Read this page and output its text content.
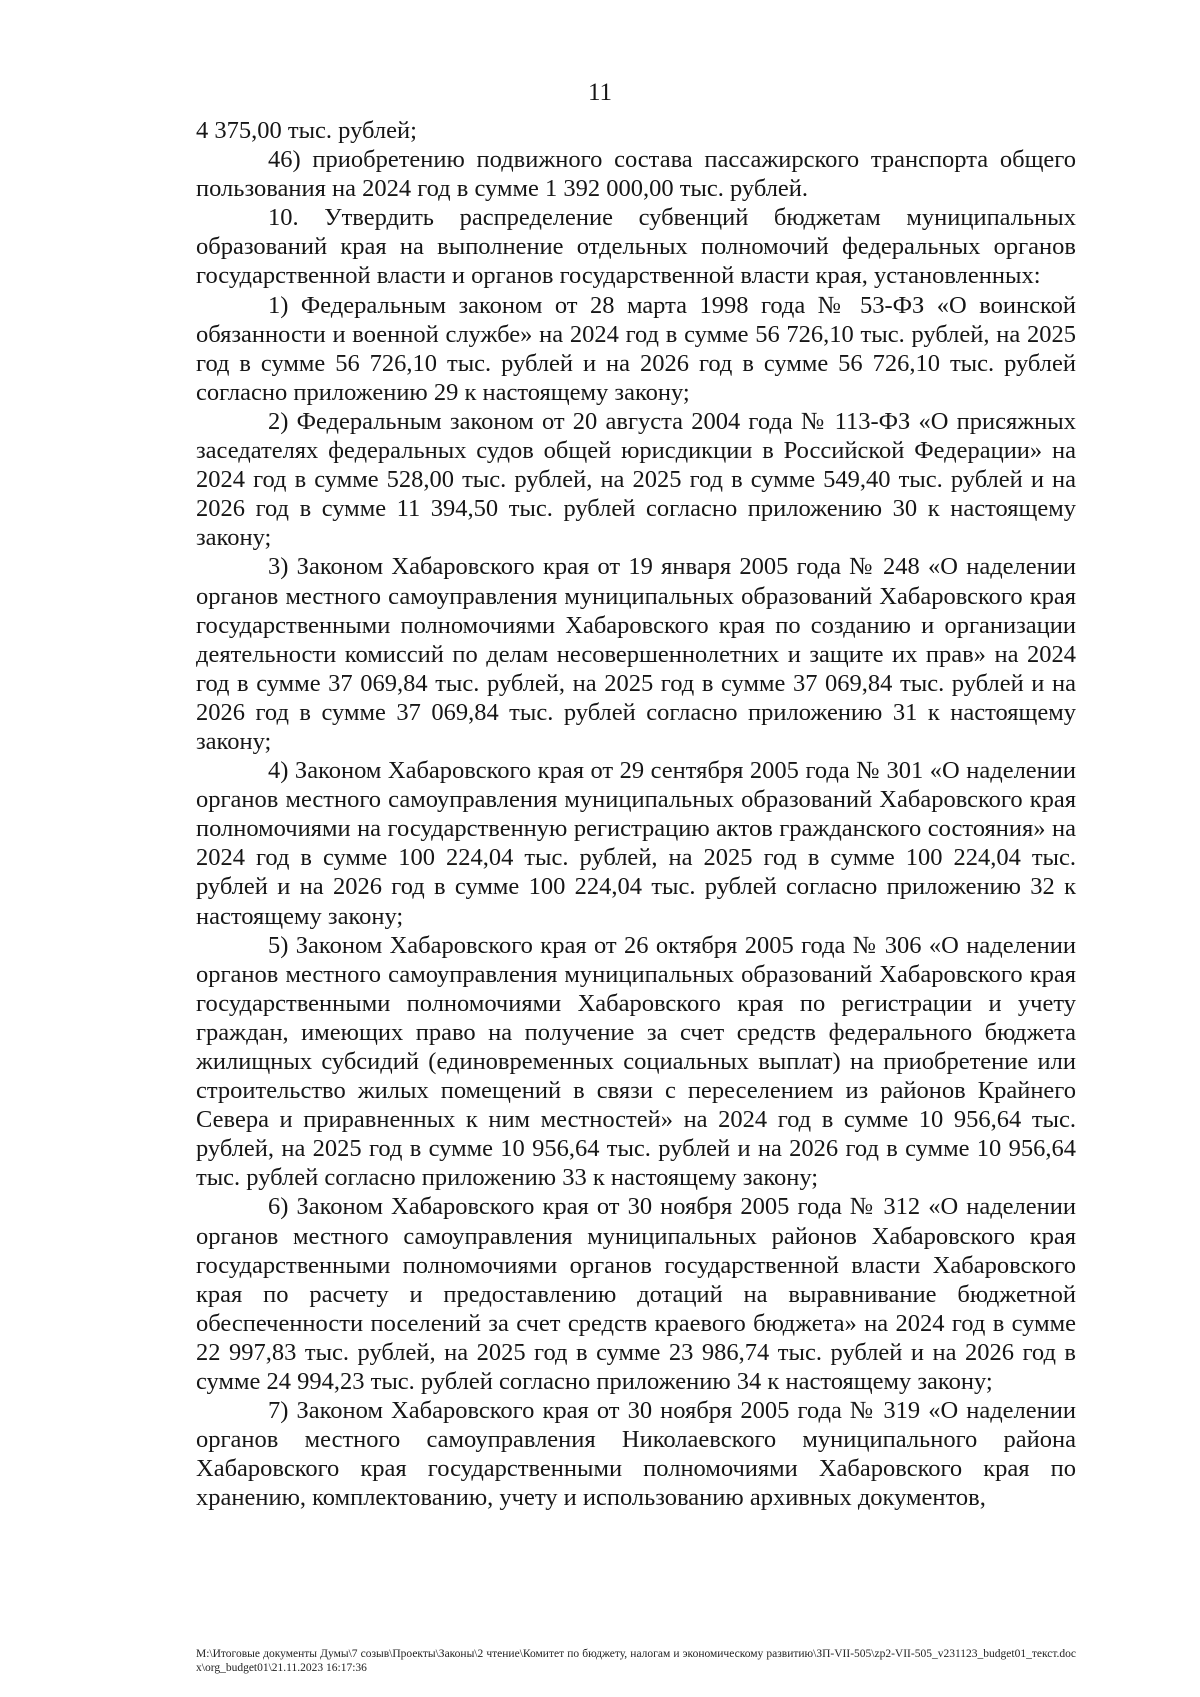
11

4 375,00 тыс. рублей;

46) приобретению подвижного состава пассажирского транспорта общего пользования на 2024 год в сумме 1 392 000,00 тыс. рублей.

10. Утвердить распределение субвенций бюджетам муниципальных образований края на выполнение отдельных полномочий федеральных органов государственной власти и органов государственной власти края, установленных:

1) Федеральным законом от 28 марта 1998 года № 53-ФЗ «О воинской обязанности и военной службе» на 2024 год в сумме 56 726,10 тыс. рублей, на 2025 год в сумме 56 726,10 тыс. рублей и на 2026 год в сумме 56 726,10 тыс. рублей согласно приложению 29 к настоящему закону;

2) Федеральным законом от 20 августа 2004 года № 113-ФЗ «О присяжных заседателях федеральных судов общей юрисдикции в Российской Федерации» на 2024 год в сумме 528,00 тыс. рублей, на 2025 год в сумме 549,40 тыс. рублей и на 2026 год в сумме 11 394,50 тыс. рублей согласно приложению 30 к настоящему закону;

3) Законом Хабаровского края от 19 января 2005 года № 248 «О наделении органов местного самоуправления муниципальных образований Хабаровского края государственными полномочиями Хабаровского края по созданию и организации деятельности комиссий по делам несовершеннолетних и защите их прав» на 2024 год в сумме 37 069,84 тыс. рублей, на 2025 год в сумме 37 069,84 тыс. рублей и на 2026 год в сумме 37 069,84 тыс. рублей согласно приложению 31 к настоящему закону;

4) Законом Хабаровского края от 29 сентября 2005 года № 301 «О наделении органов местного самоуправления муниципальных образований Хабаровского края полномочиями на государственную регистрацию актов гражданского состояния» на 2024 год в сумме 100 224,04 тыс. рублей, на 2025 год в сумме 100 224,04 тыс. рублей и на 2026 год в сумме 100 224,04 тыс. рублей согласно приложению 32 к настоящему закону;

5) Законом Хабаровского края от 26 октября 2005 года № 306 «О наделении органов местного самоуправления муниципальных образований Хабаровского края государственными полномочиями Хабаровского края по регистрации и учету граждан, имеющих право на получение за счет средств федерального бюджета жилищных субсидий (единовременных социальных выплат) на приобретение или строительство жилых помещений в связи с переселением из районов Крайнего Севера и приравненных к ним местностей» на 2024 год в сумме 10 956,64 тыс. рублей, на 2025 год в сумме 10 956,64 тыс. рублей и на 2026 год в сумме 10 956,64 тыс. рублей согласно приложению 33 к настоящему закону;

6) Законом Хабаровского края от 30 ноября 2005 года № 312 «О наделении органов местного самоуправления муниципальных районов Хабаровского края государственными полномочиями органов государственной власти Хабаровского края по расчету и предоставлению дотаций на выравнивание бюджетной обеспеченности поселений за счет средств краевого бюджета» на 2024 год в сумме 22 997,83 тыс. рублей, на 2025 год в сумме 23 986,74 тыс. рублей и на 2026 год в сумме 24 994,23 тыс. рублей согласно приложению 34 к настоящему закону;

7) Законом Хабаровского края от 30 ноября 2005 года № 319 «О наделении органов местного самоуправления Николаевского муниципального района Хабаровского края государственными полномочиями Хабаровского края по хранению, комплектованию, учету и использованию архивных документов,

M:\Итоговые документы Думы\7 созыв\Проекты\Законы\2 чтение\Комитет по бюджету, налогам и экономическому развитию\ЗП-VII-505\zp2-VII-505_v231123_budget01_текст.docx\org_budget01\21.11.2023 16:17:36
